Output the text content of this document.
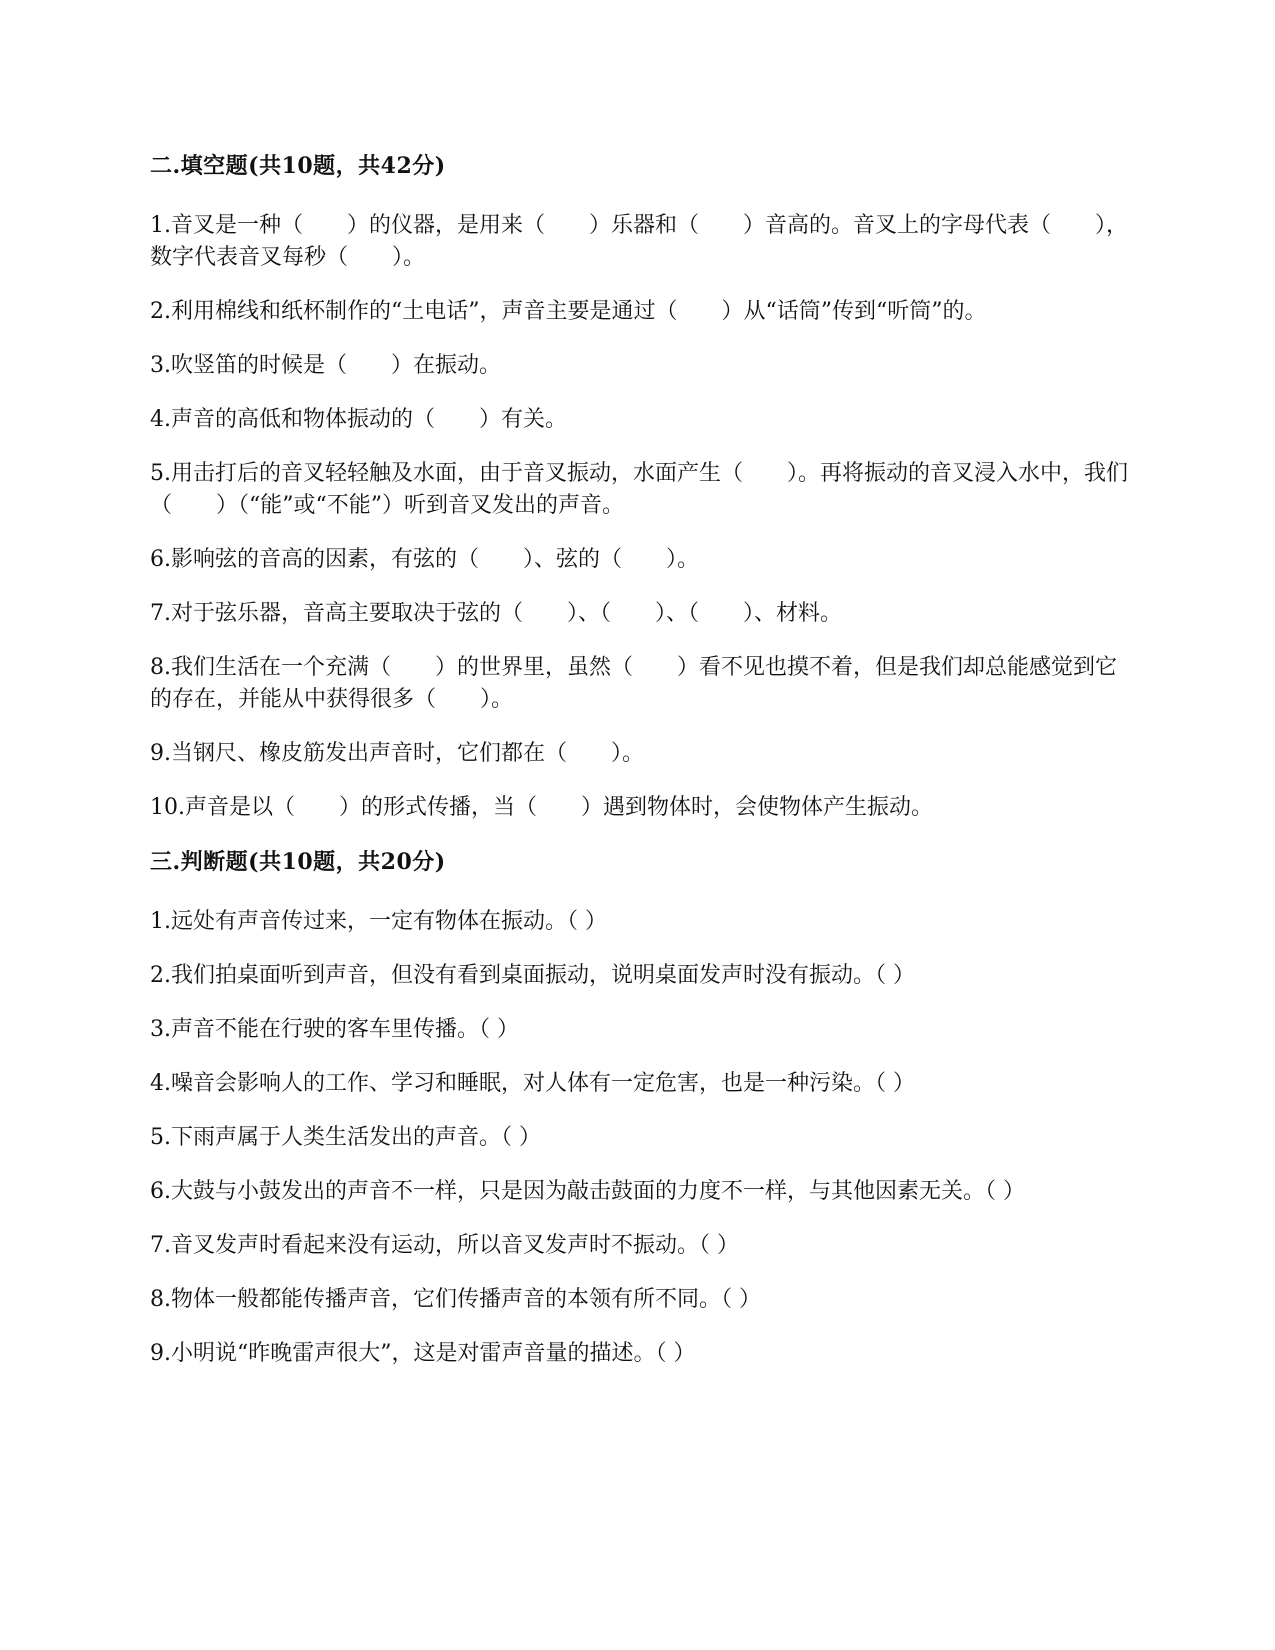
二.填空题(共10题，共42分)
1.音叉是一种（　　）的仪器，是用来（　　）乐器和（　　）音高的。音叉上的字母代表（　　），数字代表音叉每秒（　　）。
2.利用棉线和纸杯制作的“土电话”，声音主要是通过（　　）从“话筒”传到“听筒”的。
3.吹竖笛的时候是（　　）在振动。
4.声音的高低和物体振动的（　　）有关。
5.用击打后的音叉轻轻触及水面，由于音叉振动，水面产生（　　）。再将振动的音叉浸入水中，我们（　　）（“能”或“不能”）听到音叉发出的声音。
6.影响弦的音高的因素，有弦的（　　）、弦的（　　）。
7.对于弦乐器，音高主要取决于弦的（　　）、（　　）、（　　）、材料。
8.我们生活在一个充满（　　）的世界里，虽然（　　）看不见也摸不着，但是我们却总能感觉到它的存在，并能从中获得很多（　　）。
9.当钢尺、橡皮筋发出声音时，它们都在（　　）。
10.声音是以（　　）的形式传播，当（　　）遇到物体时，会使物体产生振动。
三.判断题(共10题，共20分)
1.远处有声音传过来，一定有物体在振动。（ ）
2.我们拍桌面听到声音，但没有看到桌面振动，说明桌面发声时没有振动。（ ）
3.声音不能在行驶的客车里传播。（ ）
4.噪音会影响人的工作、学习和睡眠，对人体有一定危害，也是一种污染。（ ）
5.下雨声属于人类生活发出的声音。（ ）
6.大鼓与小鼓发出的声音不一样，只是因为敲击鼓面的力度不一样，与其他因素无关。（ ）
7.音叉发声时看起来没有运动，所以音叉发声时不振动。（ ）
8.物体一般都能传播声音，它们传播声音的本领有所不同。（ ）
9.小明说“昨晚雷声很大”，这是对雷声音量的描述。（ ）
